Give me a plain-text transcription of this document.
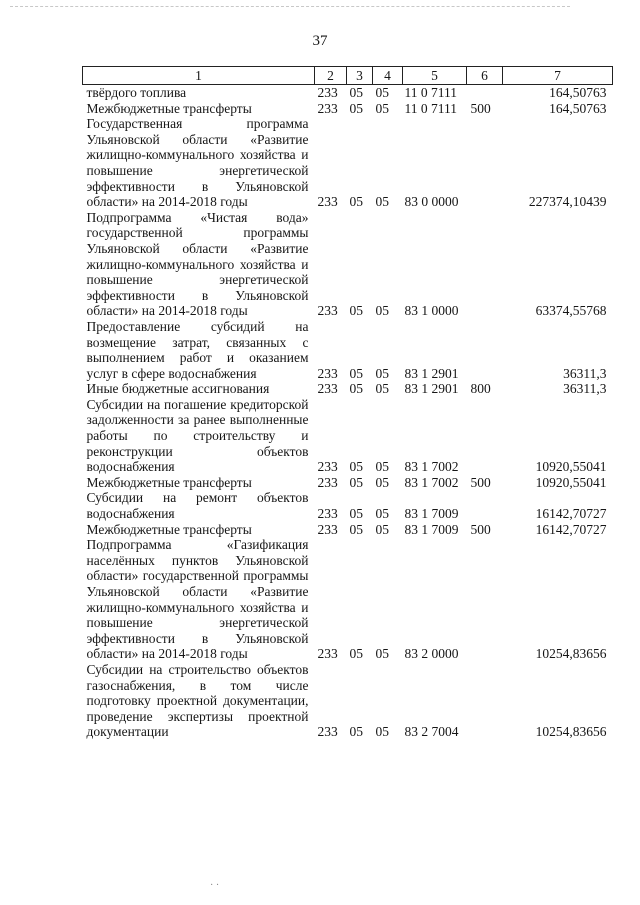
37
1	2	3	4	5	6	7
твёрдого топлива	233	05	05	11 0 7111		164,50763
Межбюджетные трансферты	233	05	05	11 0 7111	500	164,50763
Государственная программа Ульяновской области «Развитие жилищно-коммунального хозяйства и повышение энергетической эффективности в Ульяновской области» на 2014-2018 годы	233	05	05	83 0 0000		227374,10439
Подпрограмма «Чистая вода» государственной программы Ульяновской области «Развитие жилищно-коммунального хозяйства и повышение энергетической эффективности в Ульяновской области» на 2014-2018 годы	233	05	05	83 1 0000		63374,55768
Предоставление субсидий на возмещение затрат, связанных с выполнением работ и оказанием услуг в сфере водоснабжения	233	05	05	83 1 2901		36311,3
Иные бюджетные ассигнования	233	05	05	83 1 2901	800	36311,3
Субсидии на погашение кредиторской задолженности за ранее выполненные работы по строительству и реконструкции объектов водоснабжения	233	05	05	83 1 7002		10920,55041
Межбюджетные трансферты	233	05	05	83 1 7002	500	10920,55041
Субсидии на ремонт объектов водоснабжения	233	05	05	83 1 7009		16142,70727
Межбюджетные трансферты	233	05	05	83 1 7009	500	16142,70727
Подпрограмма «Газификация населённых пунктов Ульяновской области» государственной программы Ульяновской области «Развитие жилищно-коммунального хозяйства и повышение энергетической эффективности в Ульяновской области» на 2014-2018 годы	233	05	05	83 2 0000		10254,83656
Субсидии на строительство объектов газоснабжения, в том числе подготовку проектной документации, проведение экспертизы проектной документации	233	05	05	83 2 7004		10254,83656
· ·
